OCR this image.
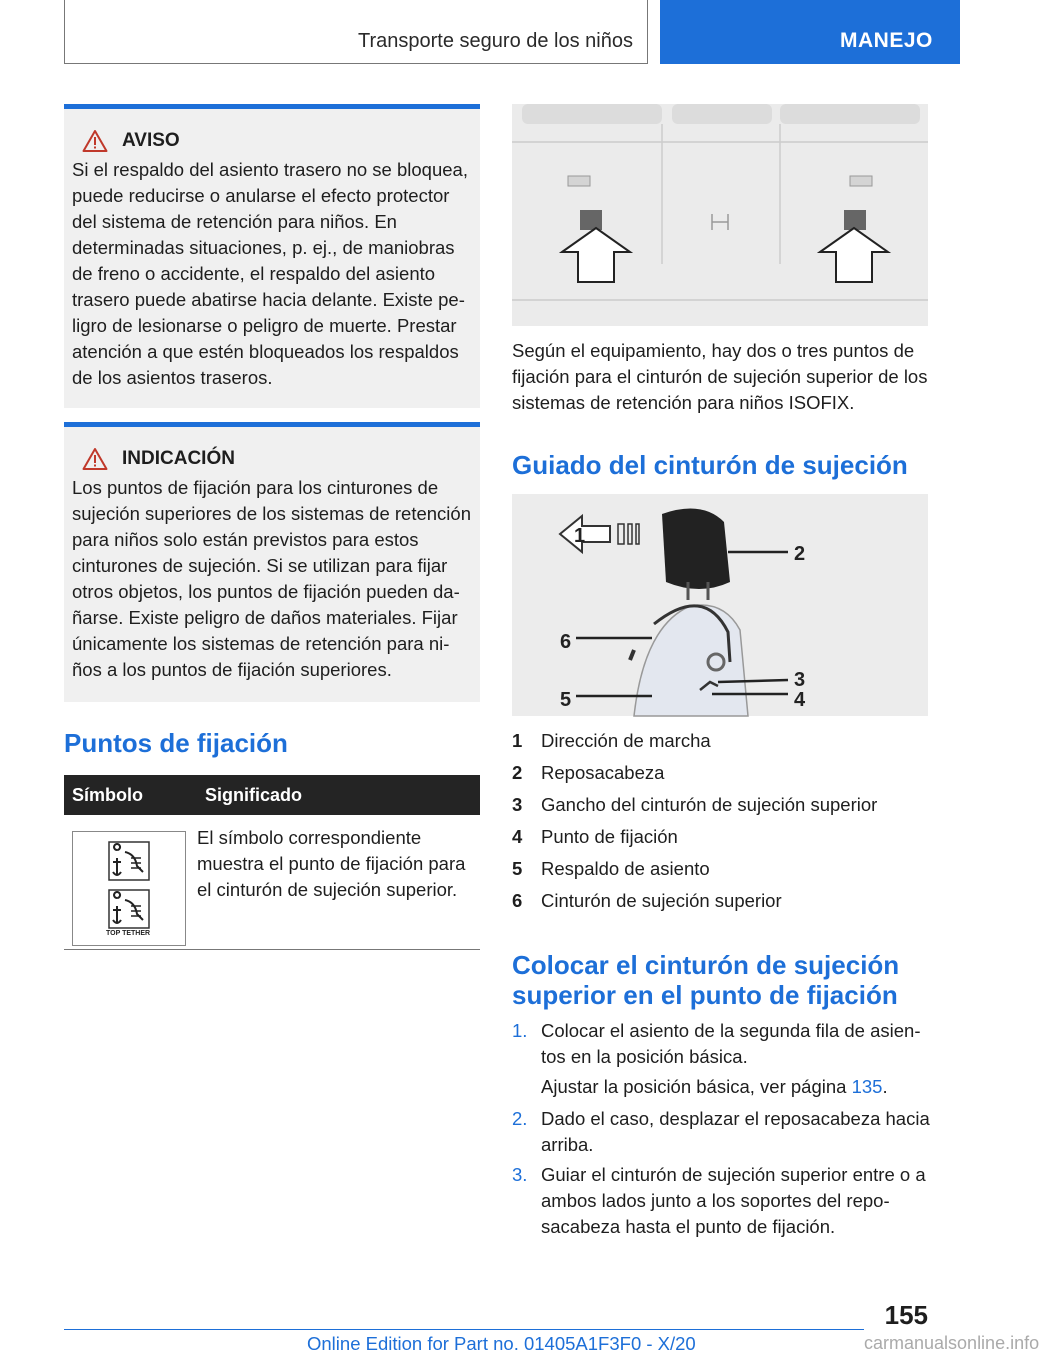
Transporte seguro de los niños	MANEJO
AVISO
Si el respaldo del asiento trasero no se bloquea, puede reducirse o anularse el efecto protector del sistema de retención para niños. En determinadas situaciones, p. ej., de maniobras de freno o accidente, el respaldo del asiento trasero puede abatirse hacia delante. Existe peligro de lesionarse o peligro de muerte. Prestar atención a que estén bloqueados los respaldos de los asientos traseros.
INDICACIÓN
Los puntos de fijación para los cinturones de sujeción superiores de los sistemas de retención para niños solo están previstos para estos cinturones de sujeción. Si se utilizan para fijar otros objetos, los puntos de fijación pueden dañarse. Existe peligro de daños materiales. Fijar únicamente los sistemas de retención para niños a los puntos de fijación superiores.
Puntos de fijación
Símbolo	Significado
TOP TETHER
El símbolo correspondiente muestra el punto de fijación para el cinturón de sujeción superior.
Según el equipamiento, hay dos o tres puntos de fijación para el cinturón de sujeción superior de los sistemas de retención para niños ISOFIX.
Guiado del cinturón de sujeción
1
2
3
4
5
6
1 Dirección de marcha
2 Reposacabeza
3 Gancho del cinturón de sujeción superior
4 Punto de fijación
5 Respaldo de asiento
6 Cinturón de sujeción superior
Colocar el cinturón de sujeción
superior en el punto de fijación
1. Colocar el asiento de la segunda fila de asientos en la posición básica.
Ajustar la posición básica, ver página 135.
2. Dado el caso, desplazar el reposacabeza hacia arriba.
3. Guiar el cinturón de sujeción superior entre o a ambos lados junto a los soportes del reposacabeza hasta el punto de fijación.
155
Online Edition for Part no. 01405A1F3F0 - X/20	carmanualsonline.info
